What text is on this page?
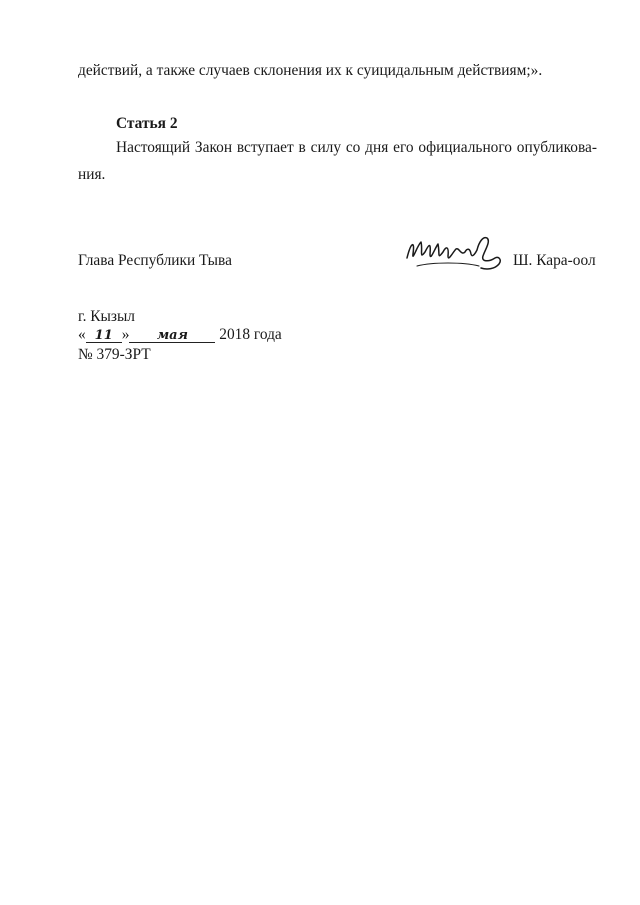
действий, а также случаев склонения их к суицидальным действиям;».
Статья 2
Настоящий Закон вступает в силу со дня его официального опубликова-
ния.
Глава Республики Тыва	Ш. Кара-оол
г. Кызыл
« 11 » мая 2018 года
№ 379-ЗРТ
